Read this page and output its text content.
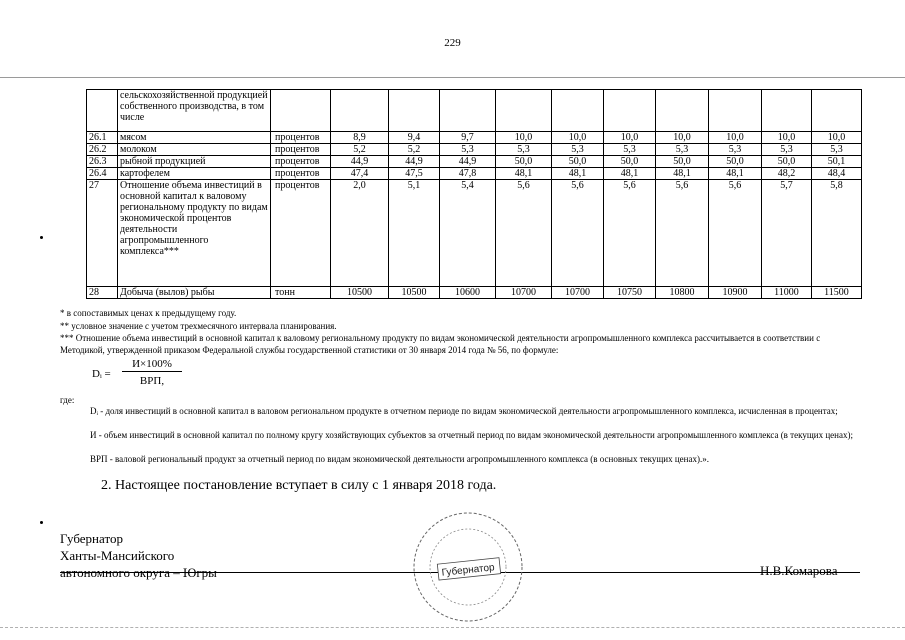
229
	сельскохозяйственной продукцией собственного производства, в том числе											
26.1	мясом	процентов	8,9	9,4	9,7	10,0	10,0	10,0	10,0	10,0	10,0	10,0
26.2	молоком	процентов	5,2	5,2	5,3	5,3	5,3	5,3	5,3	5,3	5,3	5,3
26.3	рыбной продукцией	процентов	44,9	44,9	44,9	50,0	50,0	50,0	50,0	50,0	50,0	50,1
26.4	картофелем	процентов	47,4	47,5	47,8	48,1	48,1	48,1	48,1	48,1	48,2	48,4
27	Отношение объема инвестиций в основной капитал к валовому региональному продукту по видам экономической процентов деятельности агропромышленного комплекса***	процентов	2,0	5,1	5,4	5,6	5,6	5,6	5,6	5,6	5,7	5,8
28	Добыча (вылов) рыбы	тонн	10500	10500	10600	10700	10700	10750	10800	10900	11000	11500
* в сопоставимых ценах к предыдущему году.
** условное значение с учетом трехмесячного интервала планирования.
*** Отношение объема инвестиций в основной капитал к валовому региональному продукту по видам экономической деятельности агропромышленного комплекса рассчитывается в соответствии с Методикой, утвержденной приказом Федеральной службы государственной статистики от 30 января 2014 года № 56, по формуле:
Dᵢ =
И×100%
ВРП,
где:
Dᵢ - доля инвестиций в основной капитал в валовом региональном продукте в отчетном периоде по видам экономической деятельности агропромышленного комплекса, исчисленная в процентах;
И - объем инвестиций в основной капитал по полному кругу хозяйствующих субъектов за отчетный период по видам экономической деятельности агропромышленного комплекса (в текущих ценах);
ВРП - валовой региональный продукт за отчетный период по видам экономической деятельности агропромышленного комплекса (в основных текущих ценах).».
2. Настоящее постановление вступает в силу с 1 января 2018 года.
Губернатор
Ханты-Мансийского
автономного округа – Югры	Н.В.Комарова
Губернатор
